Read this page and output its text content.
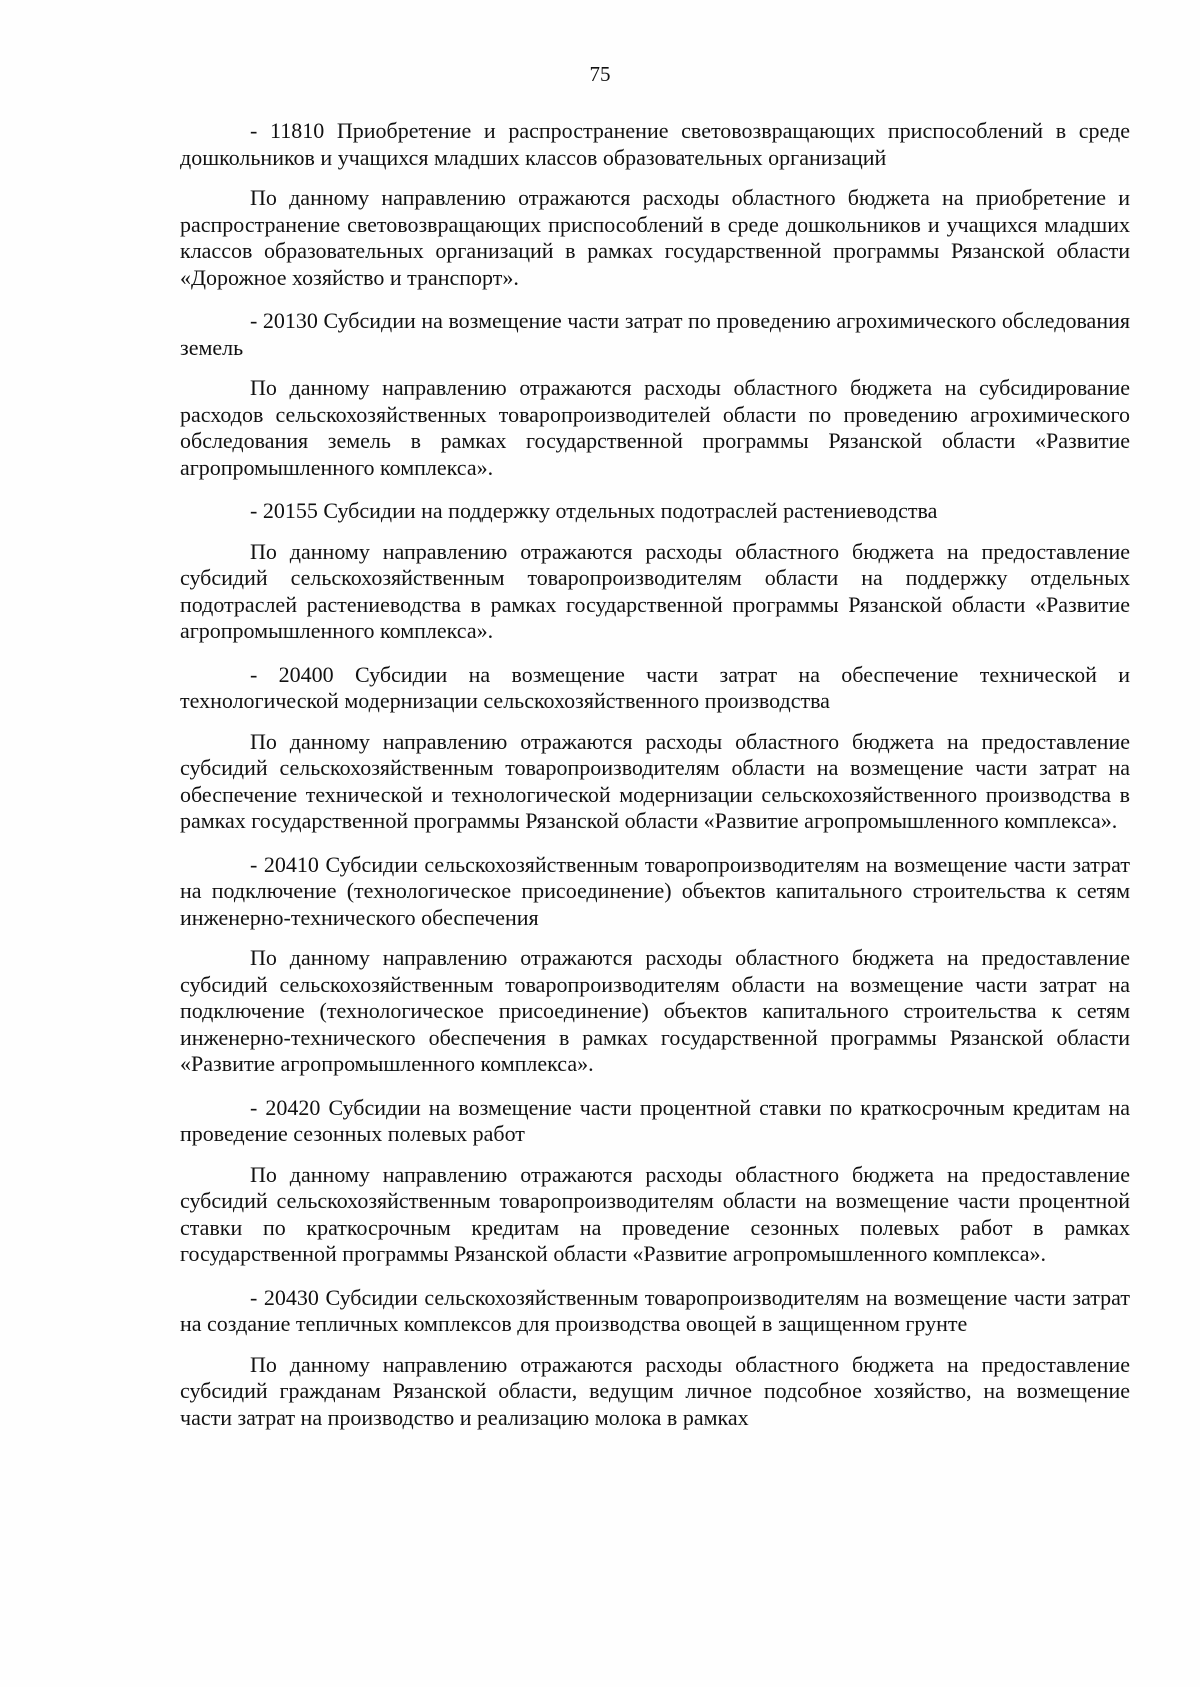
75

- 11810 Приобретение и распространение световозвращающих приспособлений в среде дошкольников и учащихся младших классов образовательных организаций

По данному направлению отражаются расходы областного бюджета на приобретение и распространение световозвращающих приспособлений в среде дошкольников и учащихся младших классов образовательных организаций в рамках государственной программы Рязанской области «Дорожное хозяйство и транспорт».

- 20130 Субсидии на возмещение части затрат по проведению агрохимического обследования земель

По данному направлению отражаются расходы областного бюджета на субсидирование расходов сельскохозяйственных товаропроизводителей области по проведению агрохимического обследования земель в рамках государственной программы Рязанской области «Развитие агропромышленного комплекса».

- 20155 Субсидии на поддержку отдельных подотраслей растениеводства

По данному направлению отражаются расходы областного бюджета на предоставление субсидий сельскохозяйственным товаропроизводителям области на поддержку отдельных подотраслей растениеводства в рамках государственной программы Рязанской области «Развитие агропромышленного комплекса».

- 20400 Субсидии на возмещение части затрат на обеспечение технической и технологической модернизации сельскохозяйственного производства

По данному направлению отражаются расходы областного бюджета на предоставление субсидий сельскохозяйственным товаропроизводителям области на возмещение части затрат на обеспечение технической и технологической модернизации сельскохозяйственного производства в рамках государственной программы Рязанской области «Развитие агропромышленного комплекса».

- 20410 Субсидии сельскохозяйственным товаропроизводителям на возмещение части затрат на подключение (технологическое присоединение) объектов капитального строительства к сетям инженерно-технического обеспечения

По данному направлению отражаются расходы областного бюджета на предоставление субсидий сельскохозяйственным товаропроизводителям области на возмещение части затрат на подключение (технологическое присоединение) объектов капитального строительства к сетям инженерно-технического обеспечения в рамках государственной программы Рязанской области «Развитие агропромышленного комплекса».

- 20420 Субсидии на возмещение части процентной ставки по краткосрочным кредитам на проведение сезонных полевых работ

По данному направлению отражаются расходы областного бюджета на предоставление субсидий сельскохозяйственным товаропроизводителям области на возмещение части процентной ставки по краткосрочным кредитам на проведение сезонных полевых работ в рамках государственной программы Рязанской области «Развитие агропромышленного комплекса».

- 20430 Субсидии сельскохозяйственным товаропроизводителям на возмещение части затрат на создание тепличных комплексов для производства овощей в защищенном грунте

По данному направлению отражаются расходы областного бюджета на предоставление субсидий гражданам Рязанской области, ведущим личное подсобное хозяйство, на возмещение части затрат на производство и реализацию молока в рамках
